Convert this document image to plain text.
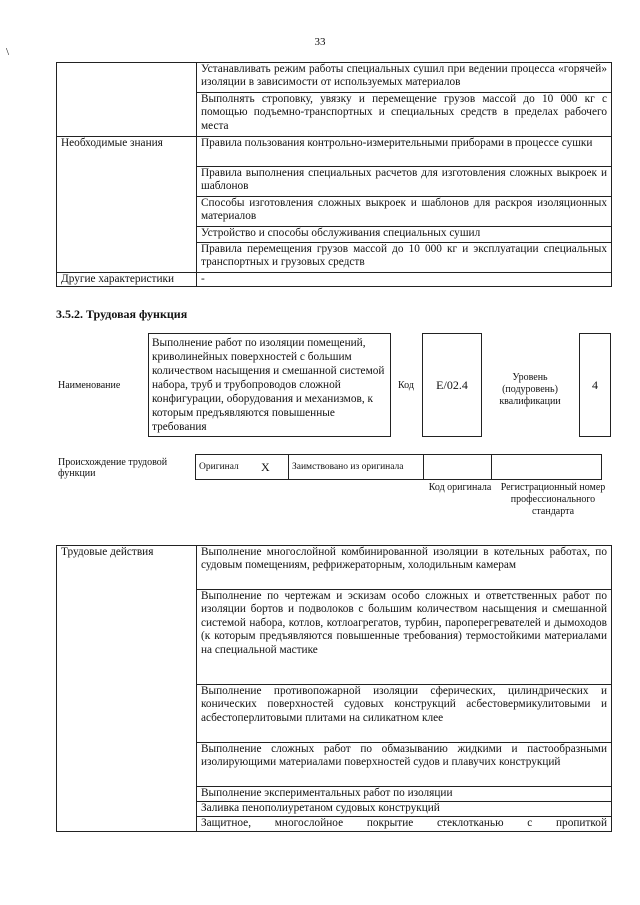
33
\
	Устанавливать режим работы специальных сушил при ведении процесса «горячей» изоляции в зависимости от используемых материалов
	Выполнять строповку, увязку и перемещение грузов массой до 10 000 кг с помощью подъемно-транспортных и специальных средств в пределах рабочего места
Необходимые знания	Правила пользования контрольно-измерительными приборами в процессе сушки
	Правила выполнения специальных расчетов для изготовления сложных выкроек и шаблонов
	Способы изготовления сложных выкроек и шаблонов для раскроя изоляционных материалов
	Устройство и способы обслуживания специальных сушил
	Правила перемещения грузов массой до 10 000 кг и эксплуатации специальных транспортных и грузовых средств
Другие характеристики	-
3.5.2. Трудовая функция
Наименование
Выполнение работ по изоляции помещений, криволинейных поверхностей с большим количеством насыщения и смешанной системой набора, труб и трубопроводов сложной конфигурации, оборудования и механизмов, к которым предъявляются повышенные требования
Код E/02.4	Уровень (подуровень) квалификации
4
Происхождение трудовой функции
Оригинал	X	Заимствовано из оригинала		
Код оригинала Регистрационный номер профессионального стандарта
Трудовые действия	Выполнение многослойной комбинированной изоляции в котельных работах, по судовым помещениям, рефрижераторным, холодильным камерам
Выполнение по чертежам и эскизам особо сложных и ответственных работ по изоляции бортов и подволоков с большим количеством насыщения и смешанной системой набора, котлов, котлоагрегатов, турбин, пароперегревателей и дымоходов (к которым предъявляются повышенные требования) термостойкими материалами на специальной мастике
Выполнение противопожарной изоляции сферических, цилиндрических и конических поверхностей судовых конструкций асбестовермикулитовыми и асбестоперлитовыми плитами на силикатном клее
Выполнение сложных работ по обмазыванию жидкими и пастообразными изолирующими материалами поверхностей судов и плавучих конструкций
Выполнение экспериментальных работ по изоляции
Заливка пенополиуретаном судовых конструкций
Защитное, многослойное покрытие стеклотканью с пропиткой
